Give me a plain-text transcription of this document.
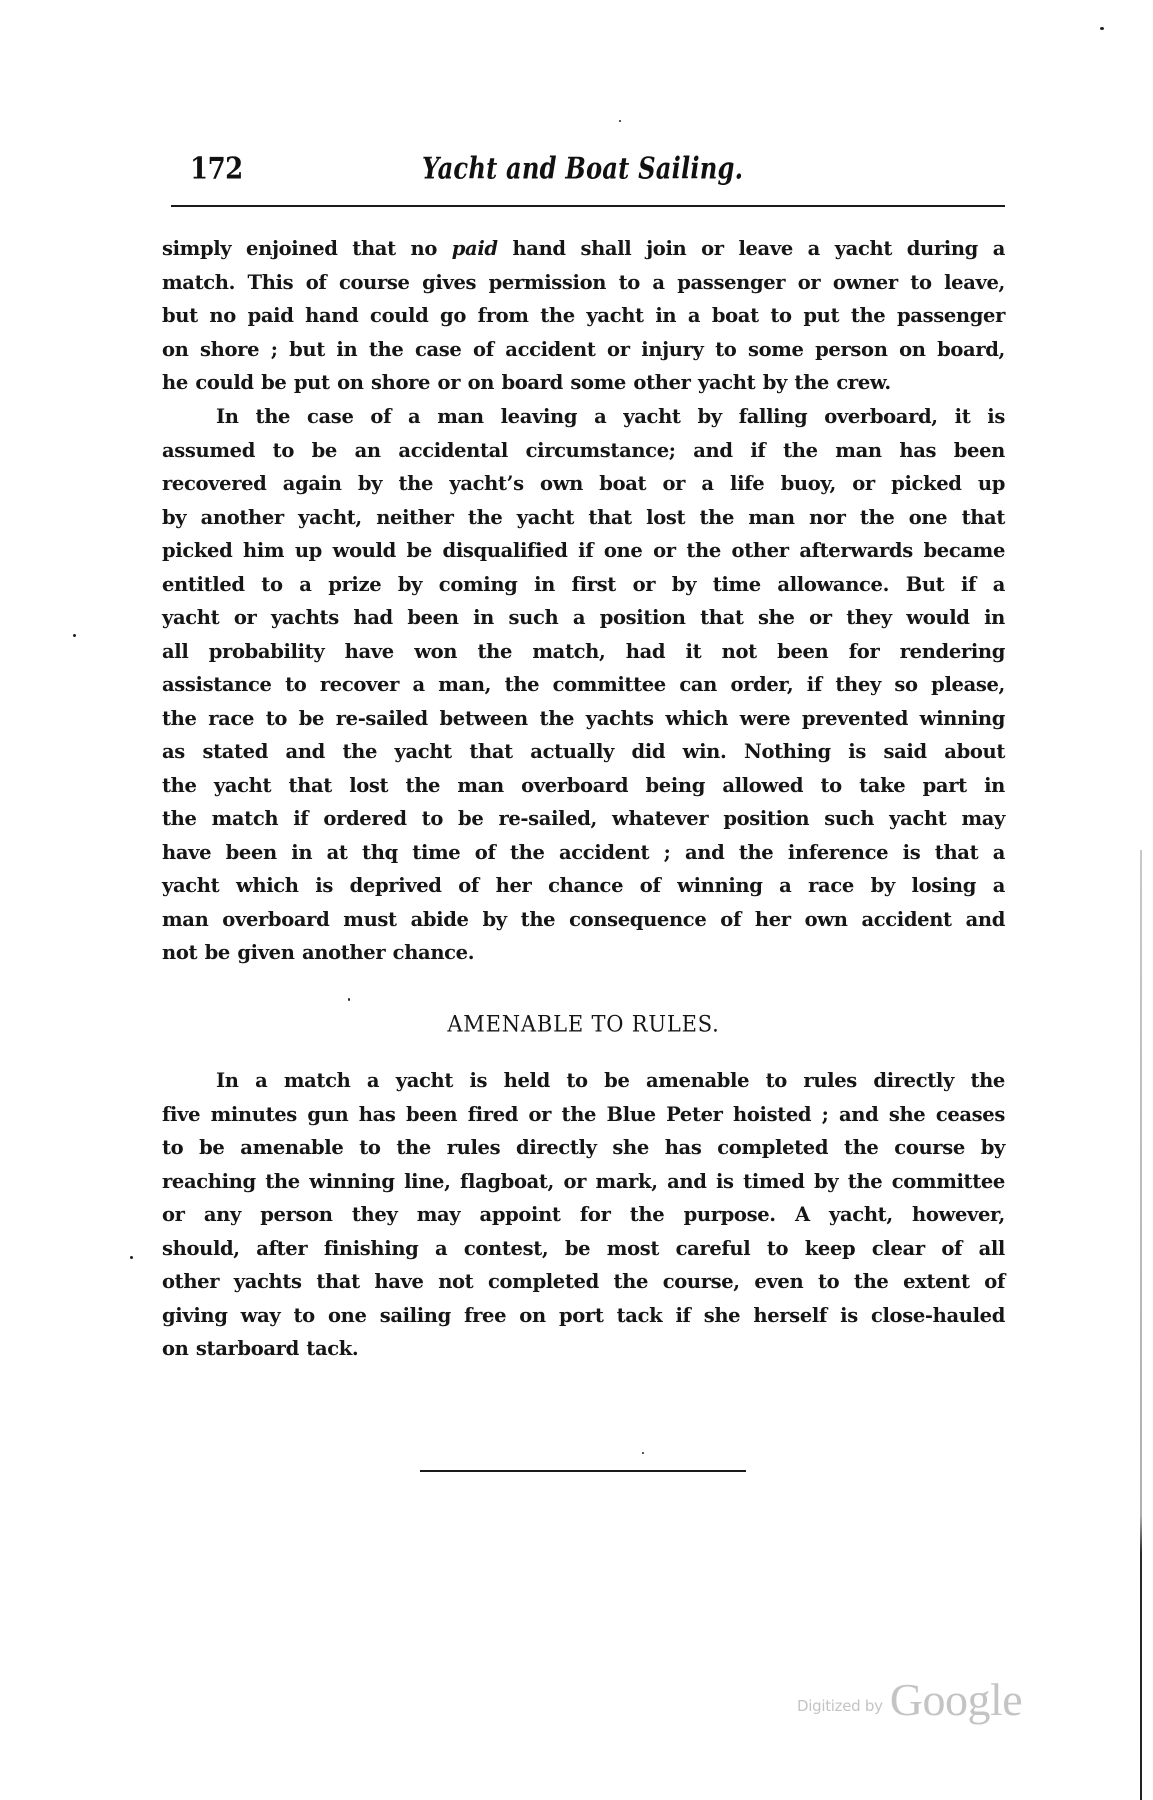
172	Yacht and Boat Sailing.
simply enjoined that no paid hand shall join or leave a yacht during a
match. This of course gives permission to a passenger or owner to leave,
but no paid hand could go from the yacht in a boat to put the passenger
on shore ; but in the case of accident or injury to some person on board,
he could be put on shore or on board some other yacht by the crew.
In the case of a man leaving a yacht by falling overboard, it is
assumed to be an accidental circumstance; and if the man has been
recovered again by the yacht’s own boat or a life buoy, or picked up
by another yacht, neither the yacht that lost the man nor the one that
picked him up would be disqualified if one or the other afterwards became
entitled to a prize by coming in first or by time allowance. But if a
yacht or yachts had been in such a position that she or they would in
all probability have won the match, had it not been for rendering
assistance to recover a man, the committee can order, if they so please,
the race to be re-sailed between the yachts which were prevented winning
as stated and the yacht that actually did win. Nothing is said about
the yacht that lost the man overboard being allowed to take part in
the match if ordered to be re-sailed, whatever position such yacht may
have been in at thq time of the accident ; and the inference is that a
yacht which is deprived of her chance of winning a race by losing a
man overboard must abide by the consequence of her own accident and
not be given another chance.
AMENABLE TO RULES.
In a match a yacht is held to be amenable to rules directly the
five minutes gun has been fired or the Blue Peter hoisted ; and she ceases
to be amenable to the rules directly she has completed the course by
reaching the winning line, flagboat, or mark, and is timed by the committee
or any person they may appoint for the purpose. A yacht, however,
should, after finishing a contest, be most careful to keep clear of all
other yachts that have not completed the course, even to the extent of
giving way to one sailing free on port tack if she herself is close-hauled
on starboard tack.
Digitized by Google
